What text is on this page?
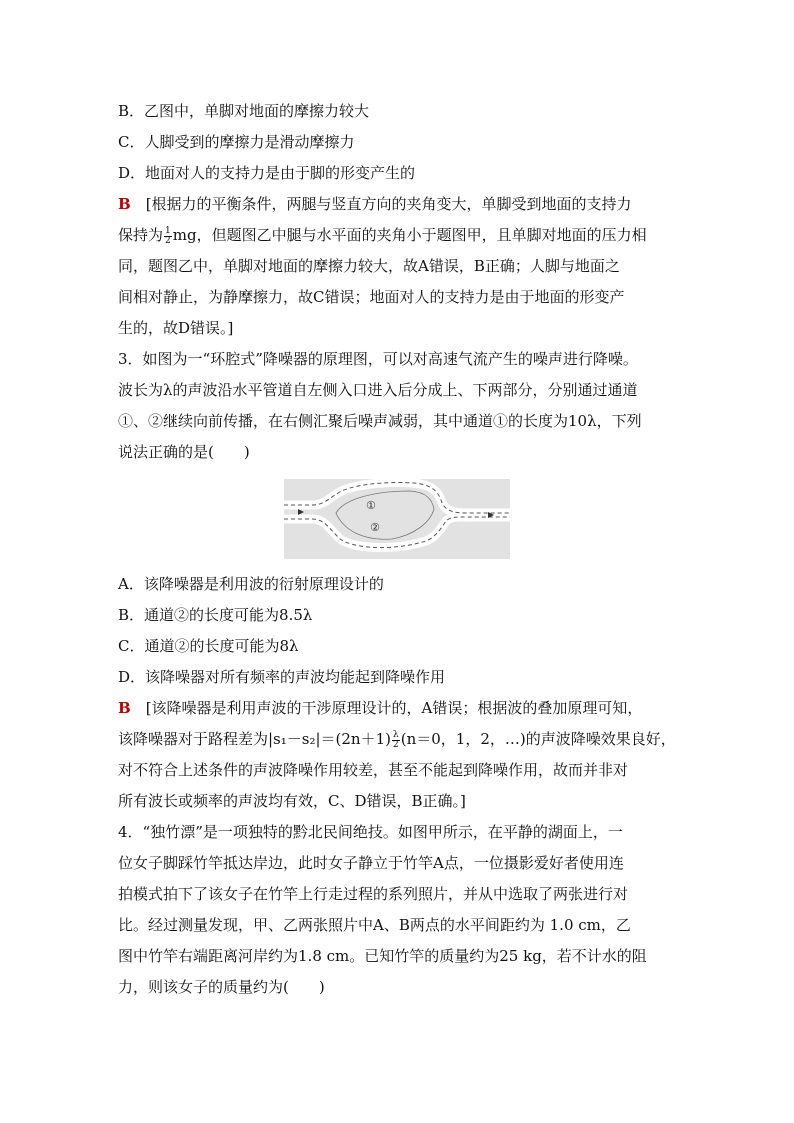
B．乙图中，单脚对地面的摩擦力较大

C．人脚受到的摩擦力是滑动摩擦力

D．地面对人的支持力是由于脚的形变产生的

B　 [根据力的平衡条件，两腿与竖直方向的夹角变大，单脚受到地面的支持力

保持为 $\frac{1}{2}$ mg，但题图乙中腿与水平面的夹角小于题图甲，且单脚对地面的压力相

同，题图乙中，单脚对地面的摩擦力较大，故A错误，B正确；人脚与地面之

间相对静止，为静摩擦力，故C错误；地面对人的支持力是由于地面的形变产

生的，故D错误。]

3．如图为一“环腔式”降噪器的原理图，可以对高速气流产生的噪声进行降噪。

波长为λ的声波沿水平管道自左侧入口进入后分成上、下两部分，分别通过通道

①、②继续向前传播，在右侧汇聚后噪声减弱，其中通道①的长度为10λ，下列

说法正确的是(　　)

①
②

A．该降噪器是利用波的衍射原理设计的

B．通道②的长度可能为8.5λ

C．通道②的长度可能为8λ

D．该降噪器对所有频率的声波均能起到降噪作用

B　 [该降噪器是利用声波的干涉原理设计的，A错误；根据波的叠加原理可知，

该降噪器对于路程差为$|s_1-s_2|=(2n+1) \frac{\lambda}{2} (n=0$，1，2，…)的声波降噪效果良好，

对不符合上述条件的声波降噪作用较差，甚至不能起到降噪作用，故而并非对

所有波长或频率的声波均有效，C、D错误，B正确。]

4．“独竹漂”是一项独特的黔北民间绝技。如图甲所示，在平静的湖面上，一

位女子脚踩竹竿抵达岸边，此时女子静立于竹竿A点，一位摄影爱好者使用连

拍模式拍下了该女子在竹竿上行走过程的系列照片，并从中选取了两张进行对

比。经过测量发现，甲、乙两张照片中A、B两点的水平间距约为 1.0 cm，乙

图中竹竿右端距离河岸约为1.8 cm。已知竹竿的质量约为25 kg，若不计水的阻

力，则该女子的质量约为(　　)
